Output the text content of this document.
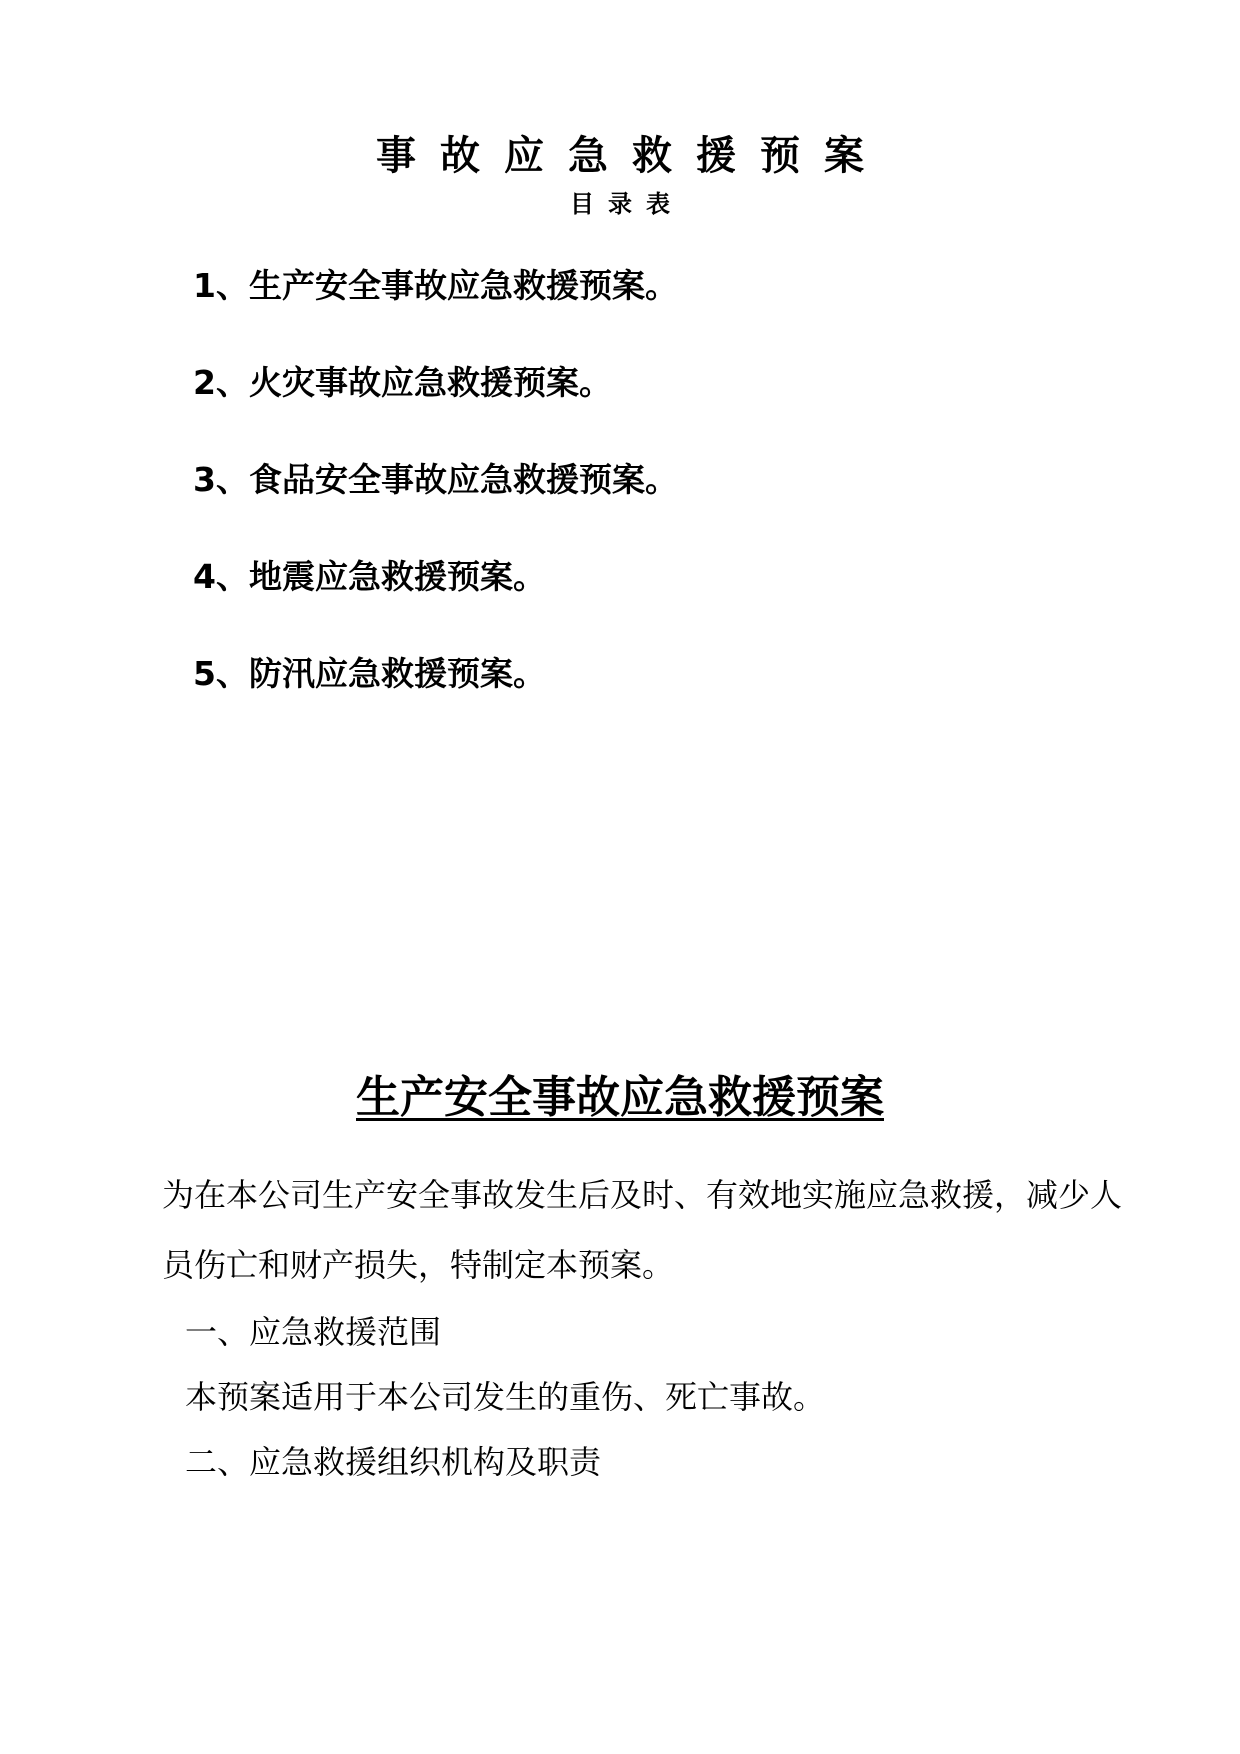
事故应急救援预案
目录表
1、生产安全事故应急救援预案。
2、火灾事故应急救援预案。
3、食品安全事故应急救援预案。
4、地震应急救援预案。
5、防汛应急救援预案。
生产安全事故应急救援预案
为在本公司生产安全事故发生后及时、有效地实施应急救援，减少人员伤亡和财产损失，特制定本预案。
一、应急救援范围
本预案适用于本公司发生的重伤、死亡事故。
二、应急救援组织机构及职责
